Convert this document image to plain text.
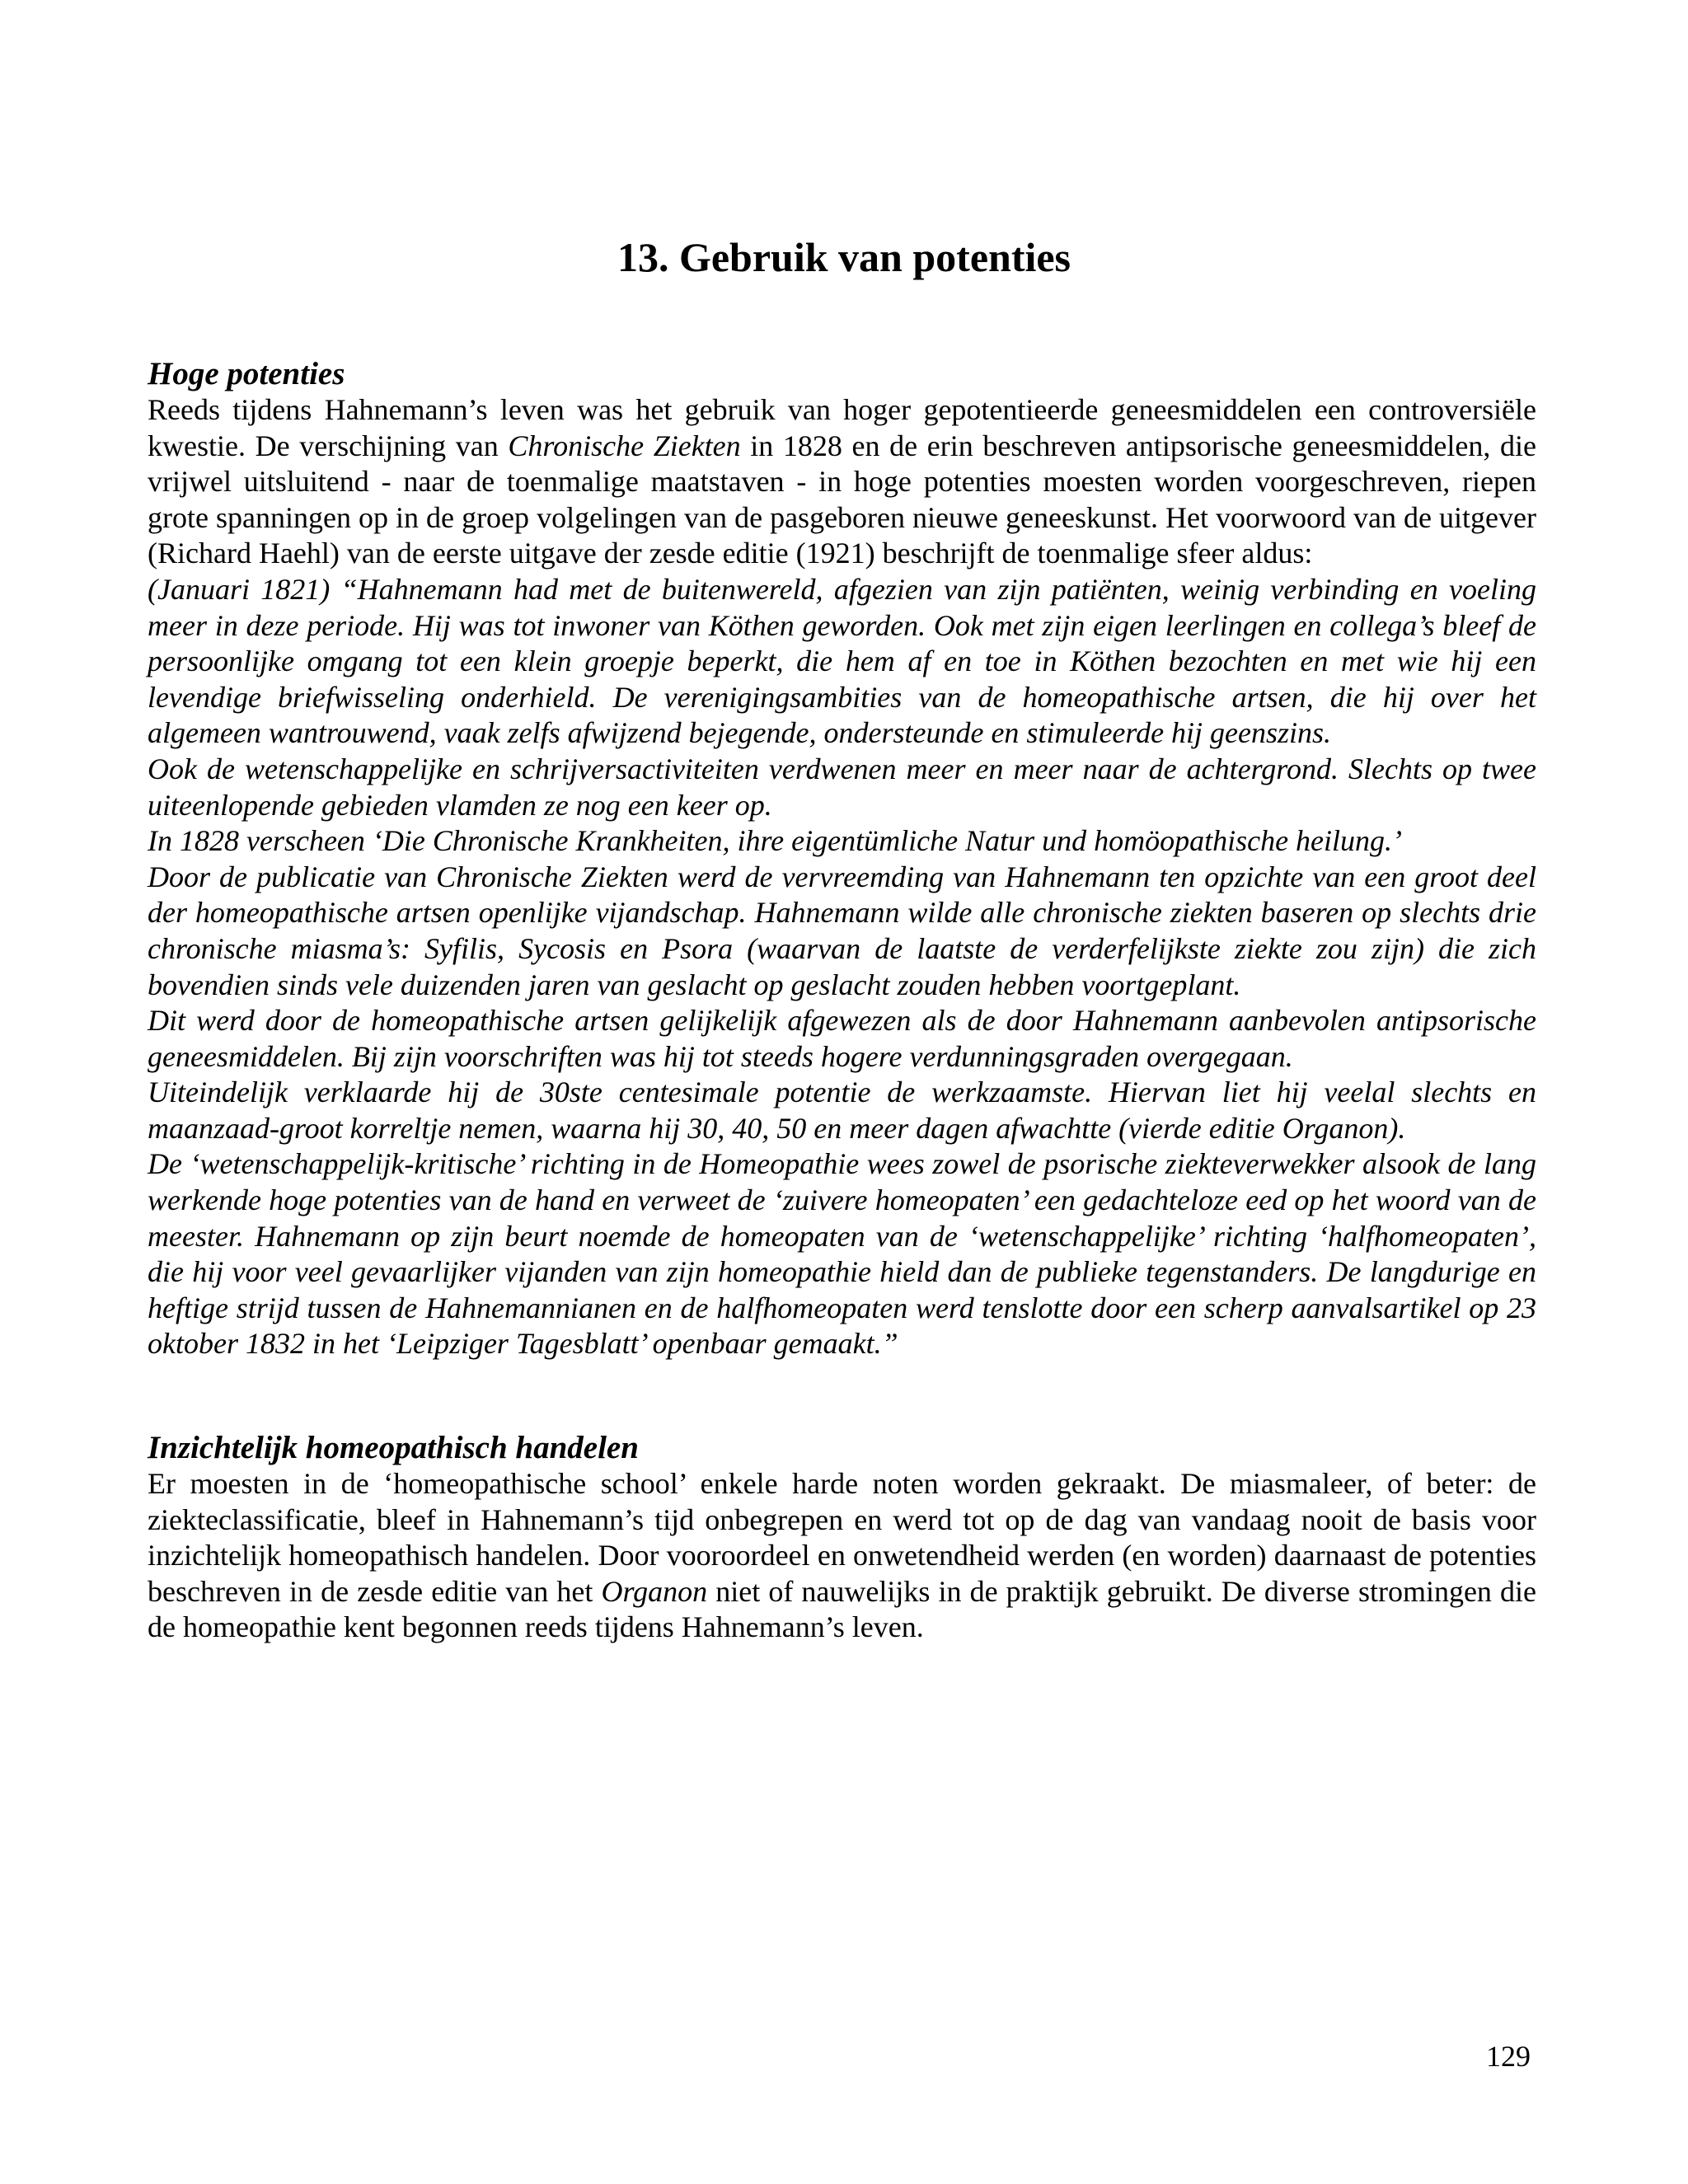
13. Gebruik van potenties
Hoge potenties

Reeds tijdens Hahnemann’s leven was het gebruik van hoger gepotentieerde geneesmiddelen een controversiële kwestie. De verschijning van Chronische Ziekten in 1828 en de erin beschreven antipsorische geneesmiddelen, die vrijwel uitsluitend - naar de toenmalige maatstaven - in hoge potenties moesten worden voorgeschreven, riepen grote spanningen op in de groep volgelingen van de pasgeboren nieuwe geneeskunst. Het voorwoord van de uitgever (Richard Haehl) van de eerste uitgave der zesde editie (1921) beschrijft de toenmalige sfeer aldus:

(Januari 1821) “Hahnemann had met de buitenwereld, afgezien van zijn patiënten, weinig verbinding en voeling meer in deze periode. Hij was tot inwoner van Köthen geworden. Ook met zijn eigen leerlingen en collega’s bleef de persoonlijke omgang tot een klein groepje beperkt, die hem af en toe in Köthen bezochten en met wie hij een levendige briefwisseling onderhield. De verenigingsambities van de homeopathische artsen, die hij over het algemeen wantrouwend, vaak zelfs afwijzend bejegende, ondersteunde en stimuleerde hij geenszins.

Ook de wetenschappelijke en schrijversactiviteiten verdwenen meer en meer naar de achtergrond. Slechts op twee uiteenlopende gebieden vlamden ze nog een keer op.

In 1828 verscheen ‘Die Chronische Krankheiten, ihre eigentümliche Natur und homöopathische heilung.’

Door de publicatie van Chronische Ziekten werd de vervreemding van Hahnemann ten opzichte van een groot deel der homeopathische artsen openlijke vijandschap. Hahnemann wilde alle chronische ziekten baseren op slechts drie chronische miasma’s: Syfilis, Sycosis en Psora (waarvan de laatste de verderfelijkste ziekte zou zijn) die zich bovendien sinds vele duizenden jaren van geslacht op geslacht zouden hebben voortgeplant.

Dit werd door de homeopathische artsen gelijkelijk afgewezen als de door Hahnemann aanbevolen antipsorische geneesmiddelen. Bij zijn voorschriften was hij tot steeds hogere verdunningsgraden overgegaan.

Uiteindelijk verklaarde hij de 30ste centesimale potentie de werkzaamste. Hiervan liet hij veelal slechts en maanzaad-groot korreltje nemen, waarna hij 30, 40, 50 en meer dagen afwachtte (vierde editie Organon).

De ‘wetenschappelijk-kritische’ richting in de Homeopathie wees zowel de psorische ziekteverwekker alsook de lang werkende hoge potenties van de hand en verweet de ‘zuivere homeopaten’ een gedachteloze eed op het woord van de meester. Hahnemann op zijn beurt noemde de homeopaten van de ‘wetenschappelijke’ richting ‘halfhomeopaten’, die hij voor veel gevaarlijker vijanden van zijn homeopathie hield dan de publieke tegenstanders. De langdurige en heftige strijd tussen de Hahnemannianen en de halfhomeopaten werd tenslotte door een scherp aanvalsartikel op 23 oktober 1832 in het ‘Leipziger Tagesblatt’ openbaar gemaakt.”

Inzichtelijk homeopathisch handelen

Er moesten in de ‘homeopathische school’ enkele harde noten worden gekraakt. De miasmaleer, of beter: de ziekteclassificatie, bleef in Hahnemann’s tijd onbegrepen en werd tot op de dag van vandaag nooit de basis voor inzichtelijk homeopathisch handelen. Door vooroordeel en onwetendheid werden (en worden) daarnaast de potenties beschreven in de zesde editie van het Organon niet of nauwelijks in de praktijk gebruikt. De diverse stromingen die de homeopathie kent begonnen reeds tijdens Hahnemann’s leven.

129
